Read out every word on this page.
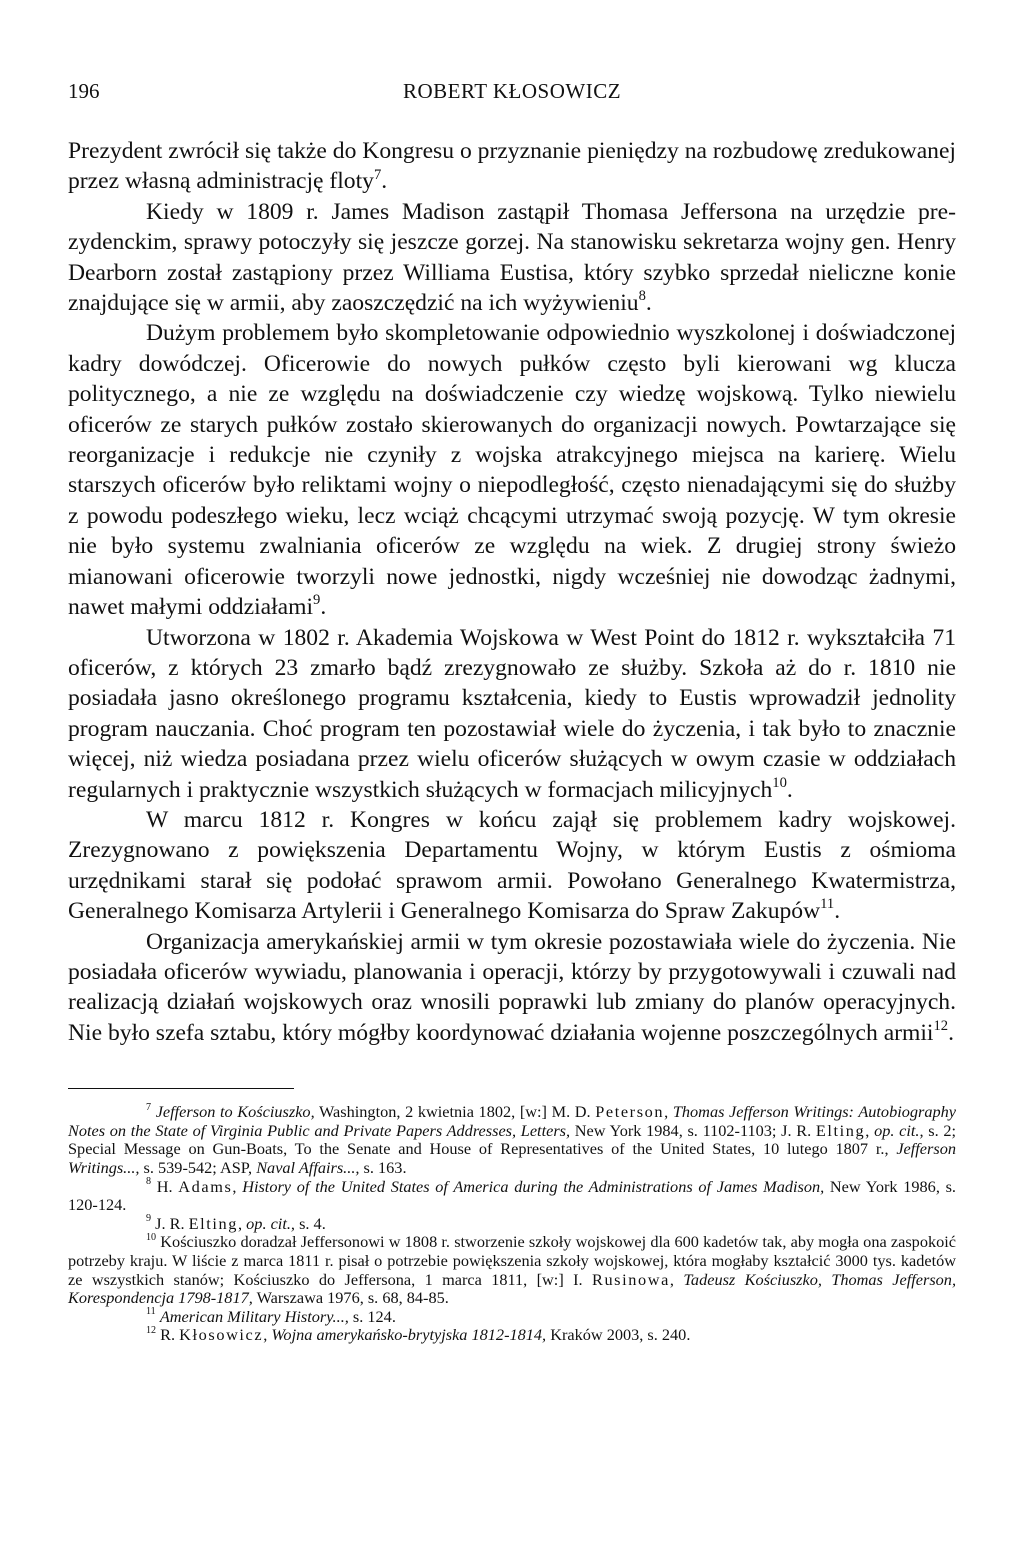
196	ROBERT KŁOSOWICZ

Prezydent zwrócił się także do Kongresu o przyznanie pieniędzy na rozbudowę zredukowanej przez własną administrację floty$^7$.

Kiedy w 1809 r. James Madison zastąpił Thomasa Jeffersona na urzędzie prezydenckim, sprawy potoczyły się jeszcze gorzej. Na stanowisku sekretarza wojny gen. Henry Dearborn został zastąpiony przez Williama Eustisa, który szybko sprzedał nieliczne konie znajdujące się w armii, aby zaoszczędzić na ich wyżywieniu$^8$.

Dużym problemem było skompletowanie odpowiednio wyszkolonej i doświadczonej kadry dowódczej. Oficerowie do nowych pułków często byli kierowani wg klucza politycznego, a nie ze względu na doświadczenie czy wiedzę wojskową. Tylko niewielu oficerów ze starych pułków zostało skierowanych do organizacji nowych. Powtarzające się reorganizacje i redukcje nie czyniły z wojska atrakcyjnego miejsca na karierę. Wielu starszych oficerów było reliktami wojny o niepodległość, często nienadającymi się do służby z powodu podeszłego wieku, lecz wciąż chcącymi utrzymać swoją pozycję. W tym okresie nie było systemu zwalniania oficerów ze względu na wiek. Z drugiej strony świeżo mianowani oficerowie tworzyli nowe jednostki, nigdy wcześniej nie dowodząc żadnymi, nawet małymi oddziałami$^9$.

Utworzona w 1802 r. Akademia Wojskowa w West Point do 1812 r. wykształciła 71 oficerów, z których 23 zmarło bądź zrezygnowało ze służby. Szkoła aż do r. 1810 nie posiadała jasno określonego programu kształcenia, kiedy to Eustis wprowadził jednolity program nauczania. Choć program ten pozostawiał wiele do życzenia, i tak było to znacznie więcej, niż wiedza posiadana przez wielu oficerów służących w owym czasie w oddziałach regularnych i praktycznie wszystkich służących w formacjach milicyjnych$^{10}$.

W marcu 1812 r. Kongres w końcu zajął się problemem kadry wojskowej. Zrezygnowano z powiększenia Departamentu Wojny, w którym Eustis z ośmioma urzędnikami starał się podołać sprawom armii. Powołano Generalnego Kwatermistrza, Generalnego Komisarza Artylerii i Generalnego Komisarza do Spraw Zakupów$^{11}$.

Organizacja amerykańskiej armii w tym okresie pozostawiała wiele do życzenia. Nie posiadała oficerów wywiadu, planowania i operacji, którzy by przygotowywali i czuwali nad realizacją działań wojskowych oraz wnosili poprawki lub zmiany do planów operacyjnych. Nie było szefa sztabu, który mógłby koordynować działania wojenne poszczególnych armii$^{12}$.

$^7$ Jefferson to Kościuszko, Washington, 2 kwietnia 1802, [w:] M. D. Peterson, Thomas Jefferson Writings: Autobiography Notes on the State of Virginia Public and Private Papers Addresses, Letters, New York 1984, s. 1102-1103; J. R. Elting, op. cit., s. 2; Special Message on Gun-Boats, To the Senate and House of Representatives of the United States, 10 lutego 1807 r., Jefferson Writings..., s. 539-542; ASP, Naval Affairs..., s. 163.

$^8$ H. Adams, History of the United States of America during the Administrations of James Madison, New York 1986, s. 120-124.

$^9$ J. R. Elting, op. cit., s. 4.

$^{10}$ Kościuszko doradzał Jeffersonowi w 1808 r. stworzenie szkoły wojskowej dla 600 kadetów tak, aby mogła ona zaspokoić potrzeby kraju. W liście z marca 1811 r. pisał o potrzebie powiększenia szkoły wojskowej, która mogłaby kształcić 3000 tys. kadetów ze wszystkich stanów; Kościuszko do Jeffersona, 1 marca 1811, [w:] I. Rusinowa, Tadeusz Kościuszko, Thomas Jefferson, Korespondencja 1798-1817, Warszawa 1976, s. 68, 84-85.

$^{11}$ American Military History..., s. 124.

$^{12}$ R. Kłosowicz, Wojna amerykańsko-brytyjska 1812-1814, Kraków 2003, s. 240.
